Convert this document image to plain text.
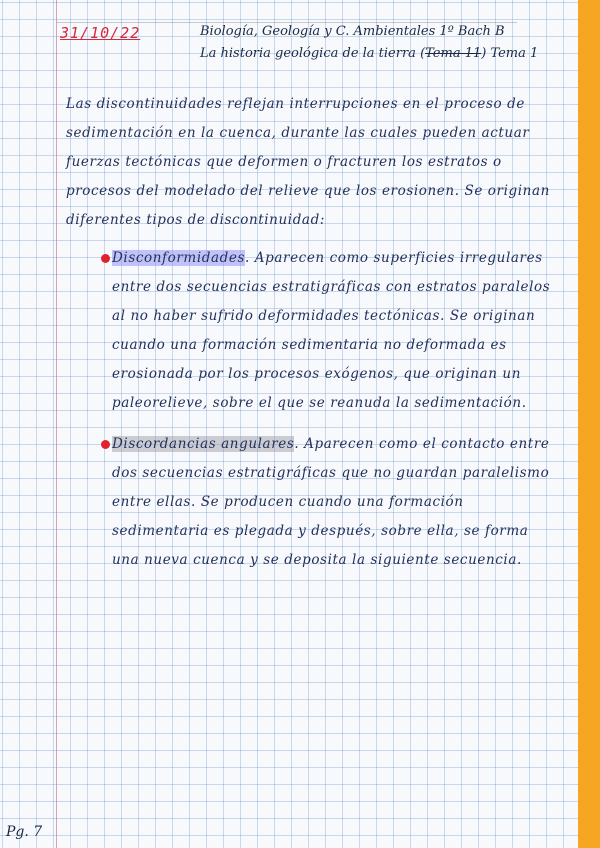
31/10/22	Biología, Geología y C. Ambientales 1º Bach B
La historia geológica de la tierra (Tema 11) Tema 1
Las discontinuidades reflejan interrupciones en el proceso de sedimentación en la cuenca, durante las cuales pueden actuar fuerzas tectónicas que deformen o fracturen los estratos o procesos del modelado del relieve que los erosionen. Se originan diferentes tipos de discontinuidad:
Disconformidades. Aparecen como superficies irregulares entre dos secuencias estratigráficas con estratos paralelos al no haber sufrido deformidades tectónicas. Se originan cuando una formación sedimentaria no deformada es erosionada por los procesos exógenos, que originan un paleorelieve, sobre el que se reanuda la sedimentación.
Discordancias angulares. Aparecen como el contacto entre dos secuencias estratigráficas que no guardan paralelismo entre ellas. Se producen cuando una formación sedimentaria es plegada y después, sobre ella, se forma una nueva cuenca y se deposita la siguiente secuencia.
Pg. 7
